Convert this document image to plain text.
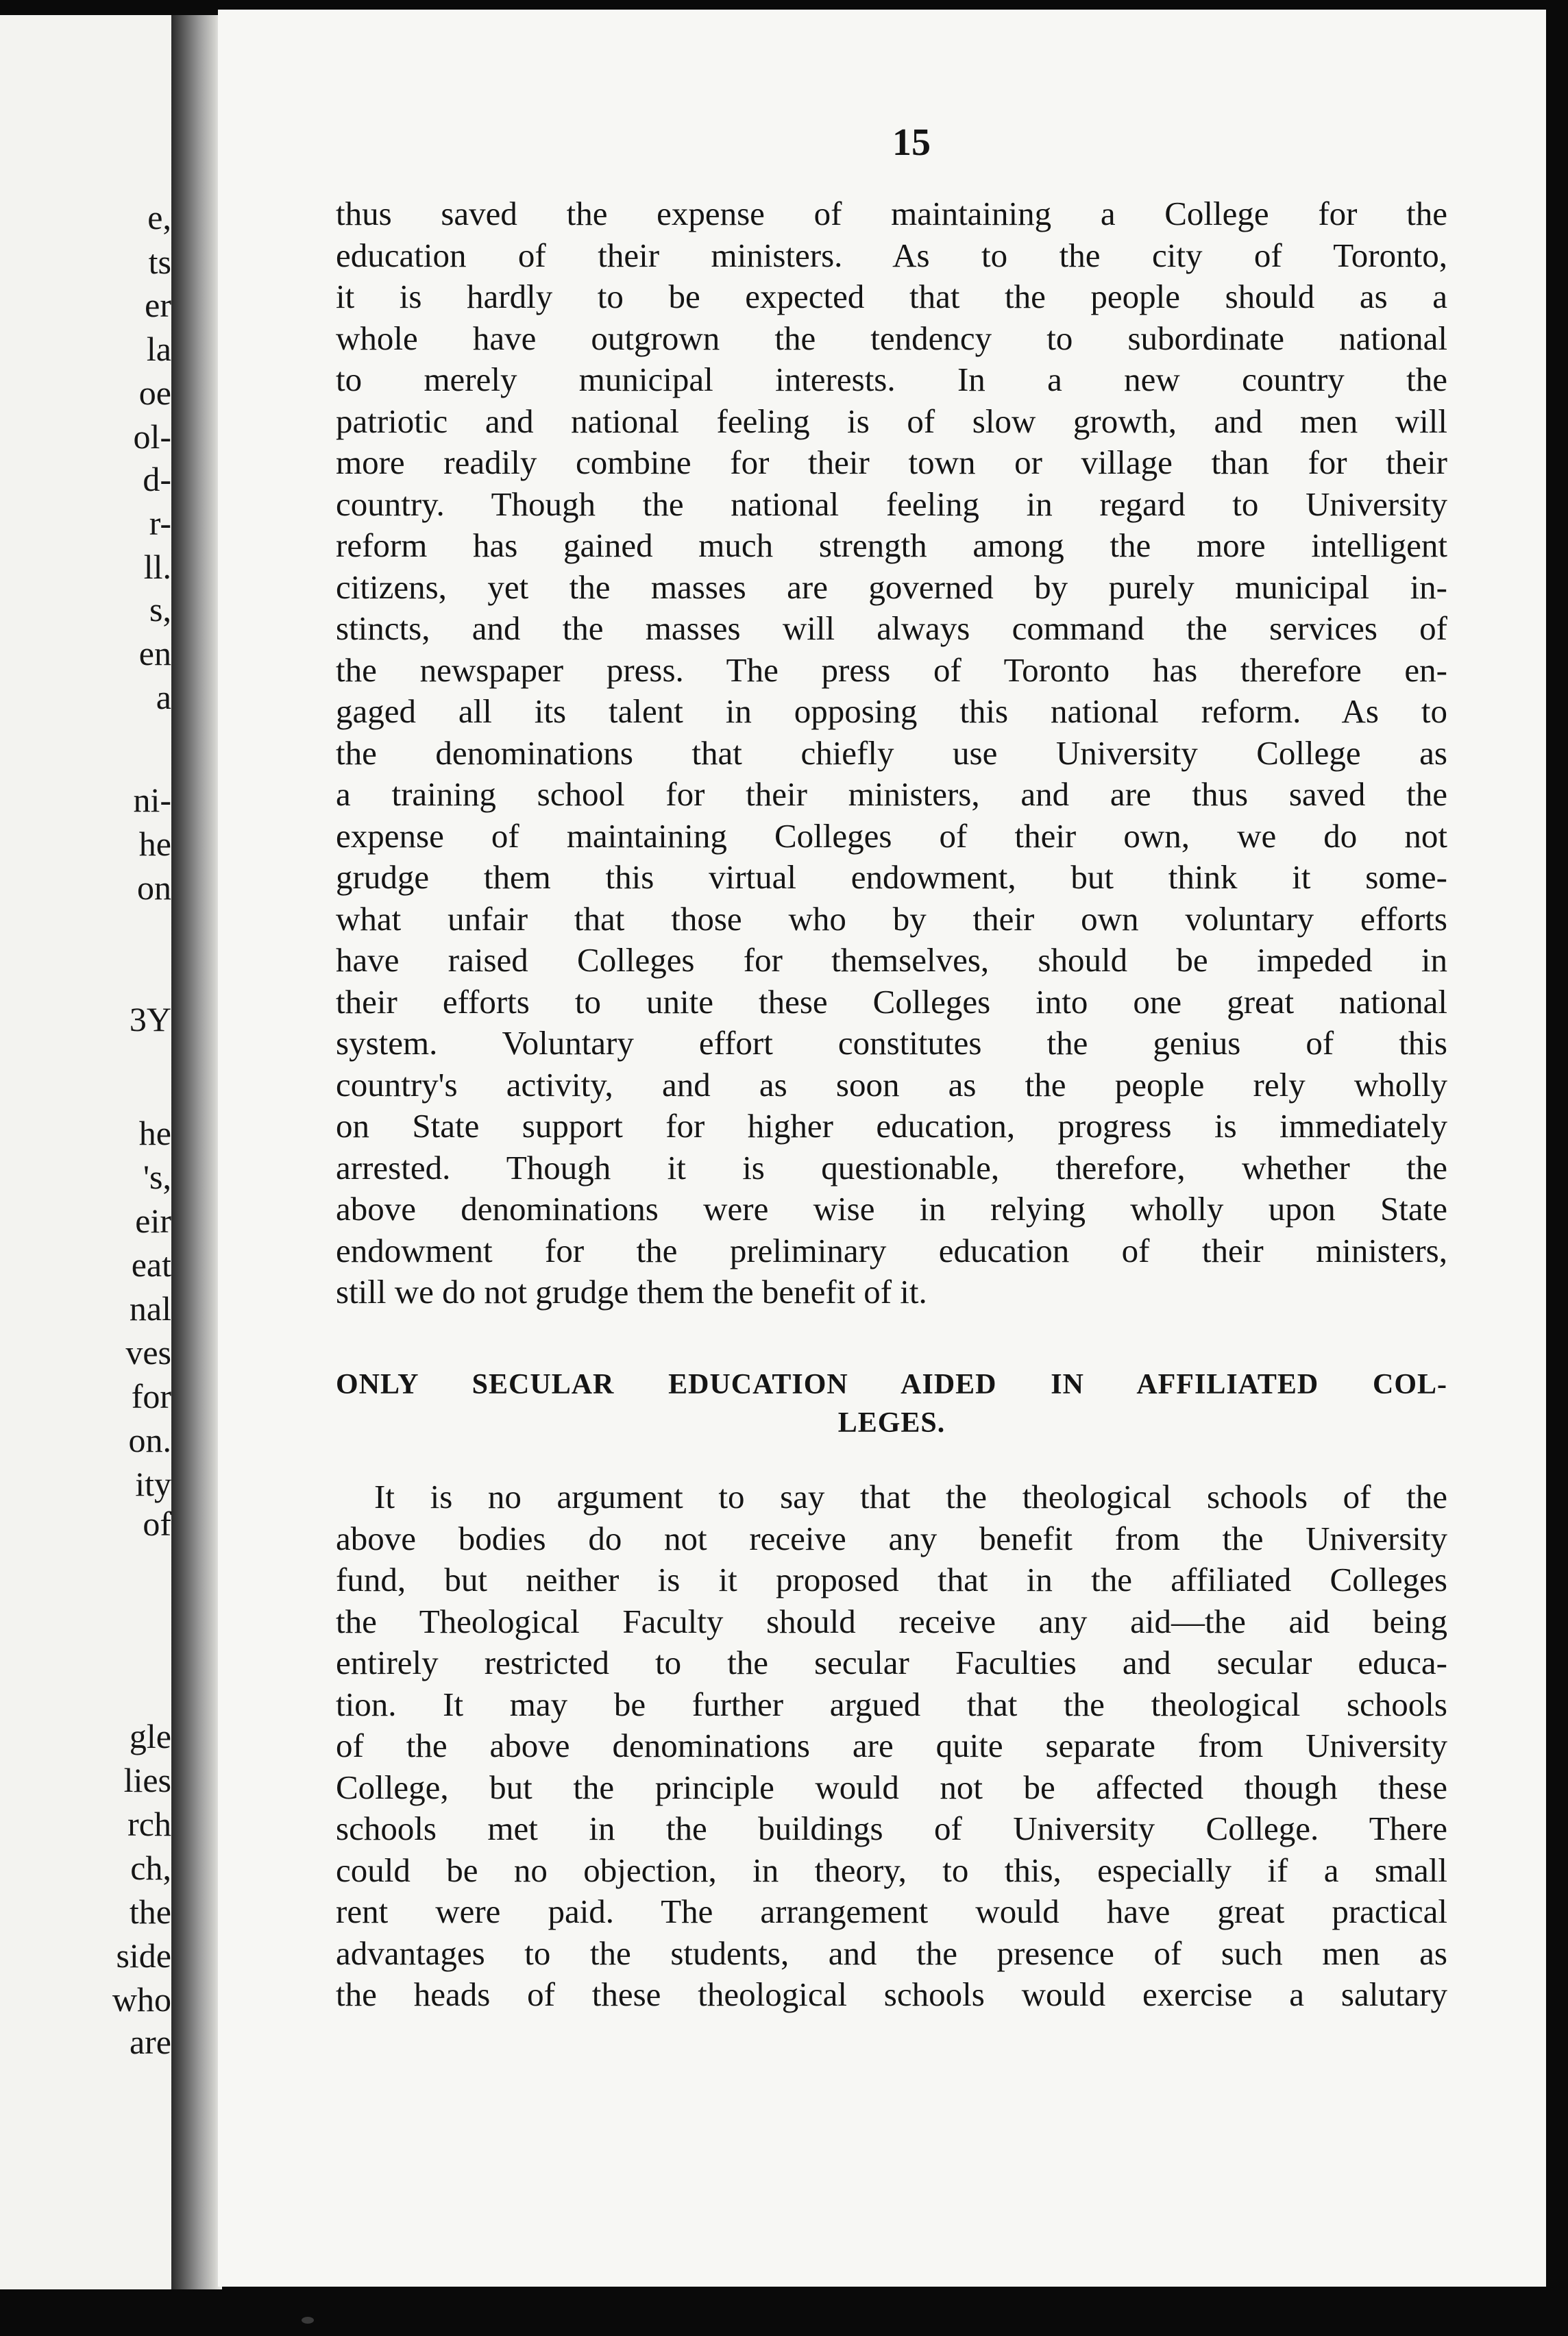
e,
ts
er
la
oe
ol-
d-
r-
ll.
s,
en
a
ni-
he
on
3Y
he
's,
eir
eat
nal
ves
for
on.
ity
of
gle
lies
rch
ch,
the
side
who
are
15
thus saved the expense of maintaining a College for the
education of their ministers. As to the city of Toronto,
it is hardly to be expected that the people should as a
whole have outgrown the tendency to subordinate national
to merely municipal interests. In a new country the
patriotic and national feeling is of slow growth, and men will
more readily combine for their town or village than for their
country. Though the national feeling in regard to University
reform has gained much strength among the more intelligent
citizens, yet the masses are governed by purely municipal in-
stincts, and the masses will always command the services of
the newspaper press. The press of Toronto has therefore en-
gaged all its talent in opposing this national reform. As to
the denominations that chiefly use University College as
a training school for their ministers, and are thus saved the
expense of maintaining Colleges of their own, we do not
grudge them this virtual endowment, but think it some-
what unfair that those who by their own voluntary efforts
have raised Colleges for themselves, should be impeded in
their efforts to unite these Colleges into one great national
system. Voluntary effort constitutes the genius of this
country's activity, and as soon as the people rely wholly
on State support for higher education, progress is immediately
arrested. Though it is questionable, therefore, whether the
above denominations were wise in relying wholly upon State
endowment for the preliminary education of their ministers,
still we do not grudge them the benefit of it.
ONLY SECULAR EDUCATION AIDED IN AFFILIATED COL-
LEGES.
It is no argument to say that the theological schools of the
above bodies do not receive any benefit from the University
fund, but neither is it proposed that in the affiliated Colleges
the Theological Faculty should receive any aid—the aid being
entirely restricted to the secular Faculties and secular educa-
tion. It may be further argued that the theological schools
of the above denominations are quite separate from University
College, but the principle would not be affected though these
schools met in the buildings of University College. There
could be no objection, in theory, to this, especially if a small
rent were paid. The arrangement would have great practical
advantages to the students, and the presence of such men as
the heads of these theological schools would exercise a salutary
